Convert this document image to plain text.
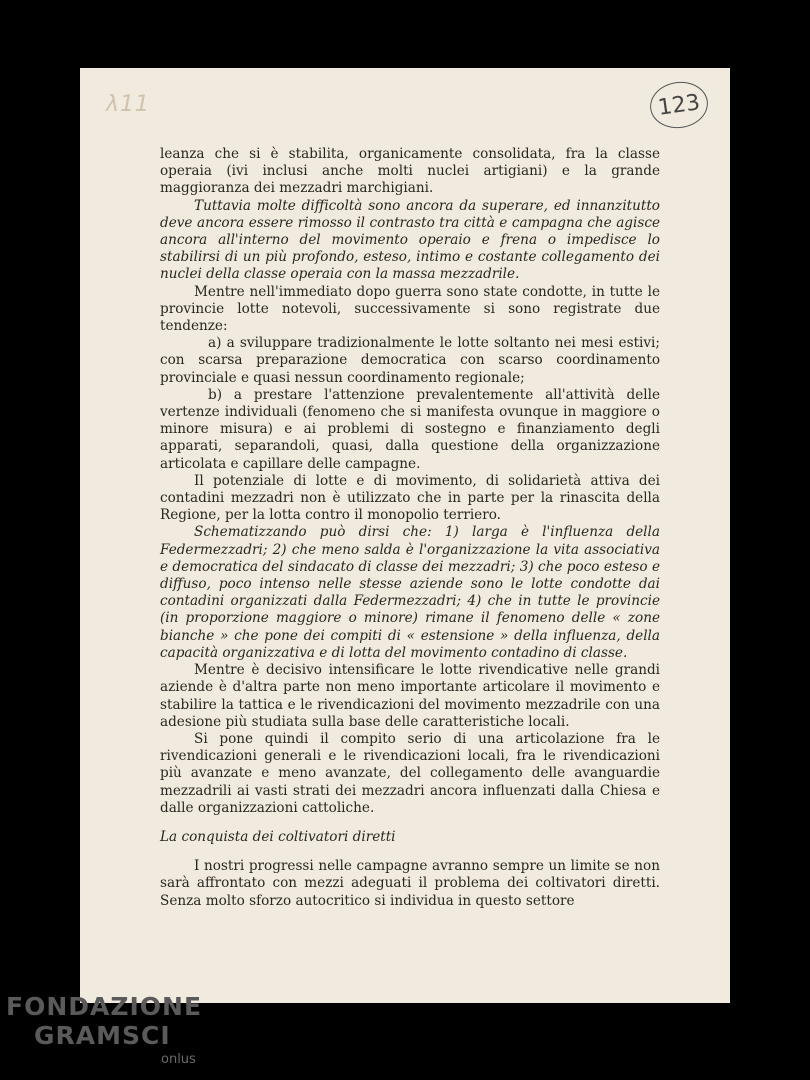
λ11	123

leanza che si è stabilita, organicamente consolidata, fra la classe operaia (ivi inclusi anche molti nuclei artigiani) e la grande maggioranza dei mezzadri marchigiani.

Tuttavia molte difficoltà sono ancora da superare, ed innanzitutto deve ancora essere rimosso il contrasto tra città e campagna che agisce ancora all'interno del movimento operaio e frena o impedisce lo stabilirsi di un più profondo, esteso, intimo e costante collegamento dei nuclei della classe operaia con la massa mezzadrile.

Mentre nell'immediato dopo guerra sono state condotte, in tutte le provincie lotte notevoli, successivamente si sono registrate due tendenze:

a) a sviluppare tradizionalmente le lotte soltanto nei mesi estivi; con scarsa preparazione democratica con scarso coordinamento provinciale e quasi nessun coordinamento regionale;

b) a prestare l'attenzione prevalentemente all'attività delle vertenze individuali (fenomeno che si manifesta ovunque in maggiore o minore misura) e ai problemi di sostegno e finanziamento degli apparati, separandoli, quasi, dalla questione della organizzazione articolata e capillare delle campagne.

Il potenziale di lotte e di movimento, di solidarietà attiva dei contadini mezzadri non è utilizzato che in parte per la rinascita della Regione, per la lotta contro il monopolio terriero.

Schematizzando può dirsi che: 1) larga è l'influenza della Federmezzadri; 2) che meno salda è l'organizzazione la vita associativa e democratica del sindacato di classe dei mezzadri; 3) che poco esteso e diffuso, poco intenso nelle stesse aziende sono le lotte condotte dai contadini organizzati dalla Federmezzadri; 4) che in tutte le provincie (in proporzione maggiore o minore) rimane il fenomeno delle « zone bianche » che pone dei compiti di « estensione » della influenza, della capacità organizzativa e di lotta del movimento contadino di classe.

Mentre è decisivo intensificare le lotte rivendicative nelle grandi aziende è d'altra parte non meno importante articolare il movimento e stabilire la tattica e le rivendicazioni del movimento mezzadrile con una adesione più studiata sulla base delle caratteristiche locali.

Si pone quindi il compito serio di una articolazione fra le rivendicazioni generali e le rivendicazioni locali, fra le rivendicazioni più avanzate e meno avanzate, del collegamento delle avanguardie mezzadrili ai vasti strati dei mezzadri ancora influenzati dalla Chiesa e dalle organizzazioni cattoliche.

La conquista dei coltivatori diretti

I nostri progressi nelle campagne avranno sempre un limite se non sarà affrontato con mezzi adeguati il problema dei coltivatori diretti. Senza molto sforzo autocritico si individua in questo settore

FONDAZIONE
GRAMSCI
onlus
